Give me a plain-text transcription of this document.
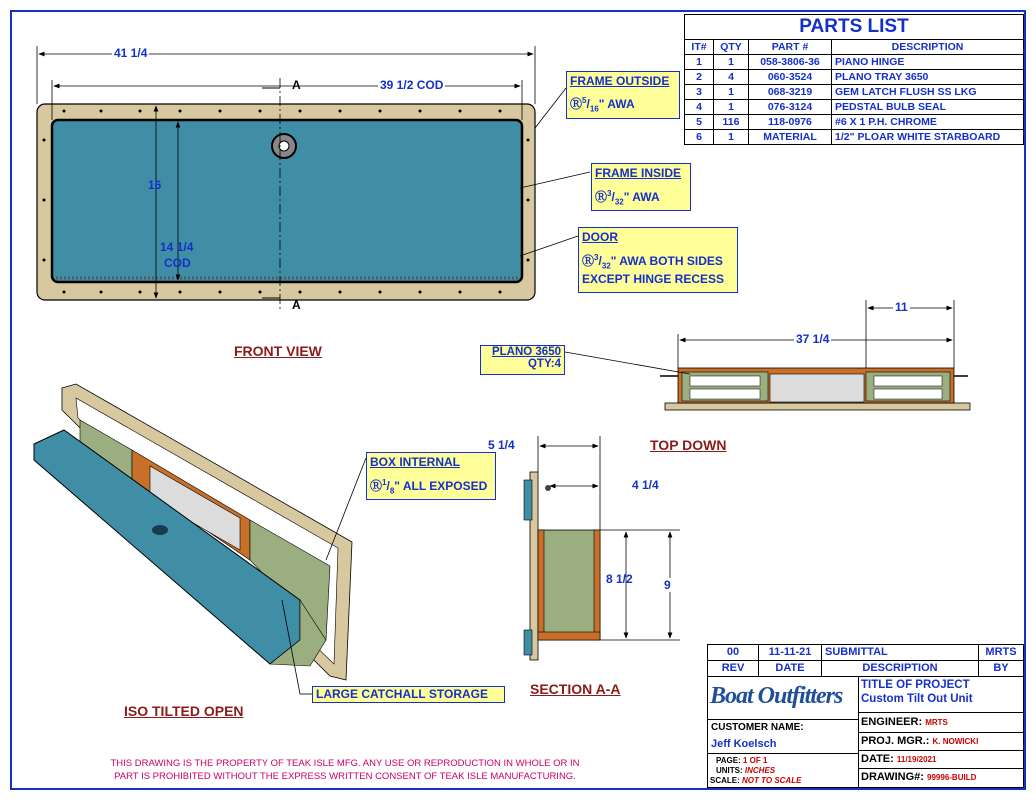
PARTS LIST			
IT#	QTY	PART #	DESCRIPTION
1	1	058-3806-36	PIANO HINGE
2	4	060-3524	PLANO TRAY 3650
3	1	068-3219	GEM LATCH FLUSH SS LKG
4	1	076-3124	PEDSTAL BULB SEAL
5	116	118-0976	#6 X 1 P.H. CHROME
6	1	MATERIAL	1/2" PLOAR WHITE STARBOARD
41 1/4
39 1/2 COD
16
14 1/4
COD
A
A
FRONT VIEW
FRAME OUTSIDE
$Ⓡ^5/_{16}$" AWA
FRAME INSIDE
$Ⓡ^3/_{32}$" AWA
DOOR
$Ⓡ^3/_{32}$" AWA BOTH SIDES
EXCEPT HINGE RECESS
PLANO 3650
QTY:4
BOX INTERNAL
$Ⓡ^1/_8$" ALL EXPOSED
LARGE CATCHALL STORAGE
37 1/4
11
TOP DOWN
5 1/4
4 1/4
8 1/2	9
SECTION A-A
ISO TILTED OPEN
00	11-11-21	SUBMITTAL	MRTS
REV	DATE	DESCRIPTION	BY
Boat Outfitters
CUSTOMER NAME:
Jeff Koelsch
PAGE: 1 OF 1
UNITS: INCHES
SCALE: NOT TO SCALE
TITLE OF PROJECT
Custom Tilt Out Unit
ENGINEER: MRTS
PROJ. MGR.: K. NOWICKI
DATE: 11/19/2021
DRAWING#: 99996-BUILD
THIS DRAWING IS THE PROPERTY OF TEAK ISLE MFG. ANY USE OR REPRODUCTION IN WHOLE OR IN PART IS PROHIBITED WITHOUT THE EXPRESS WRITTEN CONSENT OF TEAK ISLE MANUFACTURING.
